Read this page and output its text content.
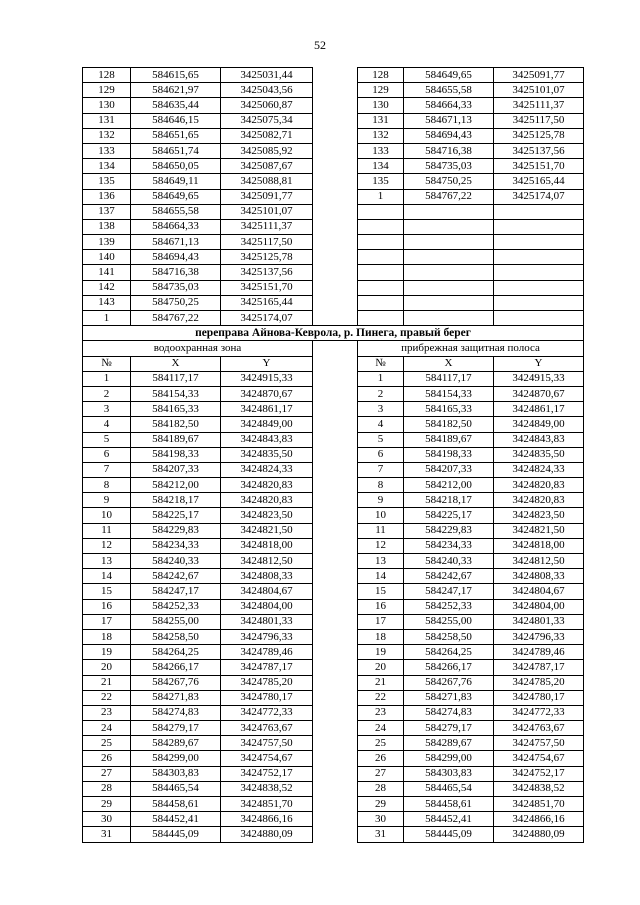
52
128	584615,65	3425031,44		128	584649,65	3425091,77
129	584621,97	3425043,56		129	584655,58	3425101,07
130	584635,44	3425060,87		130	584664,33	3425111,37
131	584646,15	3425075,34		131	584671,13	3425117,50
132	584651,65	3425082,71		132	584694,43	3425125,78
133	584651,74	3425085,92		133	584716,38	3425137,56
134	584650,05	3425087,67		134	584735,03	3425151,70
135	584649,11	3425088,81		135	584750,25	3425165,44
136	584649,65	3425091,77		1	584767,22	3425174,07
137	584655,58	3425101,07				
138	584664,33	3425111,37				
139	584671,13	3425117,50				
140	584694,43	3425125,78				
141	584716,38	3425137,56				
142	584735,03	3425151,70				
143	584750,25	3425165,44				
1	584767,22	3425174,07				
переправа Айнова-Кеврола, р. Пинега, правый берег						
водоохранная зона				прибрежная защитная полоса		
№	X	Y		№	X	Y
1	584117,17	3424915,33		1	584117,17	3424915,33
2	584154,33	3424870,67		2	584154,33	3424870,67
3	584165,33	3424861,17		3	584165,33	3424861,17
4	584182,50	3424849,00		4	584182,50	3424849,00
5	584189,67	3424843,83		5	584189,67	3424843,83
6	584198,33	3424835,50		6	584198,33	3424835,50
7	584207,33	3424824,33		7	584207,33	3424824,33
8	584212,00	3424820,83		8	584212,00	3424820,83
9	584218,17	3424820,83		9	584218,17	3424820,83
10	584225,17	3424823,50		10	584225,17	3424823,50
11	584229,83	3424821,50		11	584229,83	3424821,50
12	584234,33	3424818,00		12	584234,33	3424818,00
13	584240,33	3424812,50		13	584240,33	3424812,50
14	584242,67	3424808,33		14	584242,67	3424808,33
15	584247,17	3424804,67		15	584247,17	3424804,67
16	584252,33	3424804,00		16	584252,33	3424804,00
17	584255,00	3424801,33		17	584255,00	3424801,33
18	584258,50	3424796,33		18	584258,50	3424796,33
19	584264,25	3424789,46		19	584264,25	3424789,46
20	584266,17	3424787,17		20	584266,17	3424787,17
21	584267,76	3424785,20		21	584267,76	3424785,20
22	584271,83	3424780,17		22	584271,83	3424780,17
23	584274,83	3424772,33		23	584274,83	3424772,33
24	584279,17	3424763,67		24	584279,17	3424763,67
25	584289,67	3424757,50		25	584289,67	3424757,50
26	584299,00	3424754,67		26	584299,00	3424754,67
27	584303,83	3424752,17		27	584303,83	3424752,17
28	584465,54	3424838,52		28	584465,54	3424838,52
29	584458,61	3424851,70		29	584458,61	3424851,70
30	584452,41	3424866,16		30	584452,41	3424866,16
31	584445,09	3424880,09		31	584445,09	3424880,09
